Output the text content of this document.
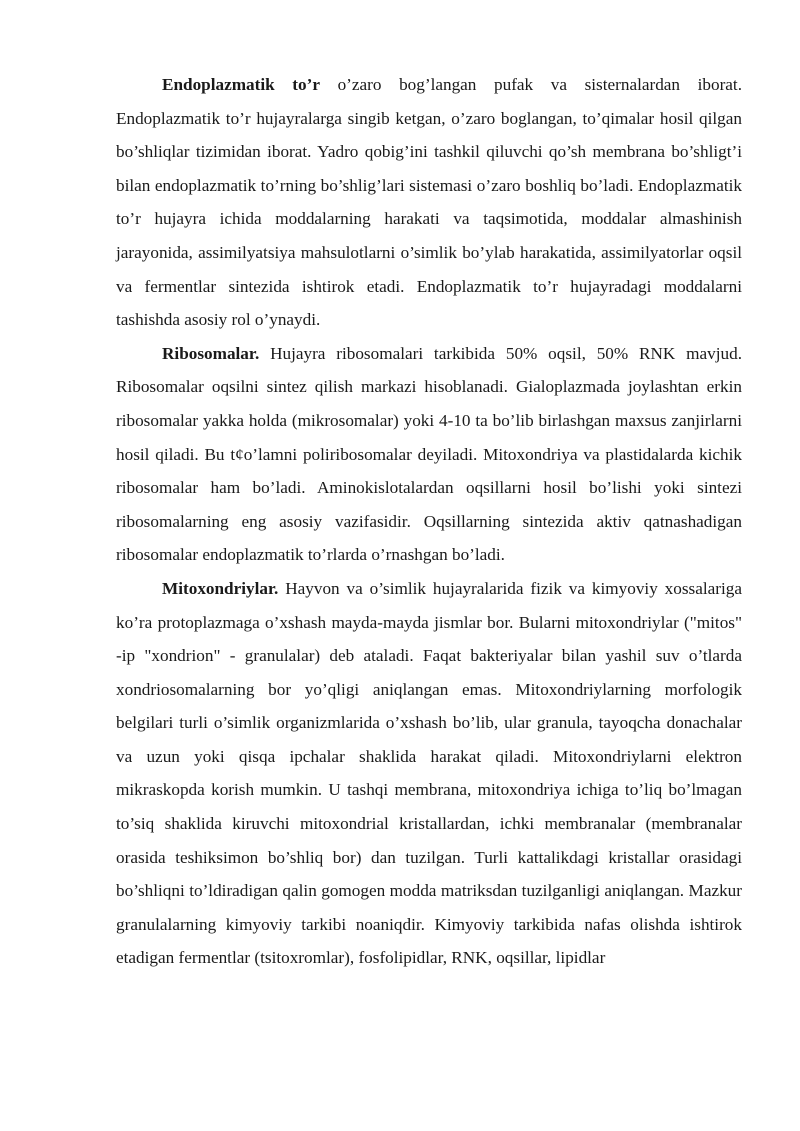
Endoplazmatik to’r o’zaro bog’langan pufak va sisternalardan iborat. Endoplazmatik to’r hujayralarga singib ketgan, o’zaro boglangan, to’qimalar hosil qilgan bo’shliqlar tizimidan iborat. Yadro qobig’ini tashkil qiluvchi qo’sh membrana bo’shligt’i bilan endoplazmatik to’rning bo’shlig’lari sistemasi o’zaro boshliq bo’ladi. Endoplazmatik to’r hujayra ichida moddalarning harakati va taqsimotida, moddalar almashinish jarayonida, assimilyatsiya mahsulotlarni o’simlik bo’ylab harakatida, assimilyatorlar oqsil va fermentlar sintezida ishtirok etadi. Endoplazmatik to’r hujayradagi moddalarni tashishda asosiy rol o’ynaydi.

Ribosomalar. Hujayra ribosomalari tarkibida 50% oqsil, 50% RNK mavjud. Ribosomalar oqsilni sintez qilish markazi hisoblanadi. Gialoplazmada joylashtan erkin ribosomalar yakka holda (mikrosomalar) yoki 4-10 ta bo’lib birlashgan maxsus zanjirlarni hosil qiladi. Bu t¢o’lamni poliribosomalar deyiladi. Mitoxondriya va plastidalarda kichik ribosomalar ham bo’ladi. Aminokislotalardan oqsillarni hosil bo’lishi yoki sintezi ribosomalarning eng asosiy vazifasidir. Oqsillarning sintezida aktiv qatnashadigan ribosomalar endoplazmatik to’rlarda o’rnashgan bo’ladi.

Mitoxondriylar. Hayvon va o’simlik hujayralarida fizik va kimyoviy xossalariga ko’ra protoplazmaga o’xshash mayda-mayda jismlar bor. Bularni mitoxondriylar ("mitos" -ip "xondrion" - granulalar) deb ataladi. Faqat bakteriyalar bilan yashil suv o’tlarda xondriosomalarning bor yo’qligi aniqlangan emas. Mitoxondriylarning morfologik belgilari turli o’simlik organizmlarida o’xshash bo’lib, ular granula, tayoqcha donachalar va uzun yoki qisqa ipchalar shaklida harakat qiladi. Mitoxondriylarni elektron mikraskopda korish mumkin. U tashqi membrana, mitoxondriya ichiga to’liq bo’lmagan to’siq shaklida kiruvchi mitoxondrial kristallardan, ichki membranalar (membranalar orasida teshiksimon bo’shliq bor) dan tuzilgan. Turli kattalikdagi kristallar orasidagi bo’shliqni to’ldiradigan qalin gomogen modda matriksdan tuzilganligi aniqlangan. Mazkur granulalarning kimyoviy tarkibi noaniqdir. Kimyoviy tarkibida nafas olishda ishtirok etadigan fermentlar (tsitoxromlar), fosfolipidlar, RNK, oqsillar, lipidlar
